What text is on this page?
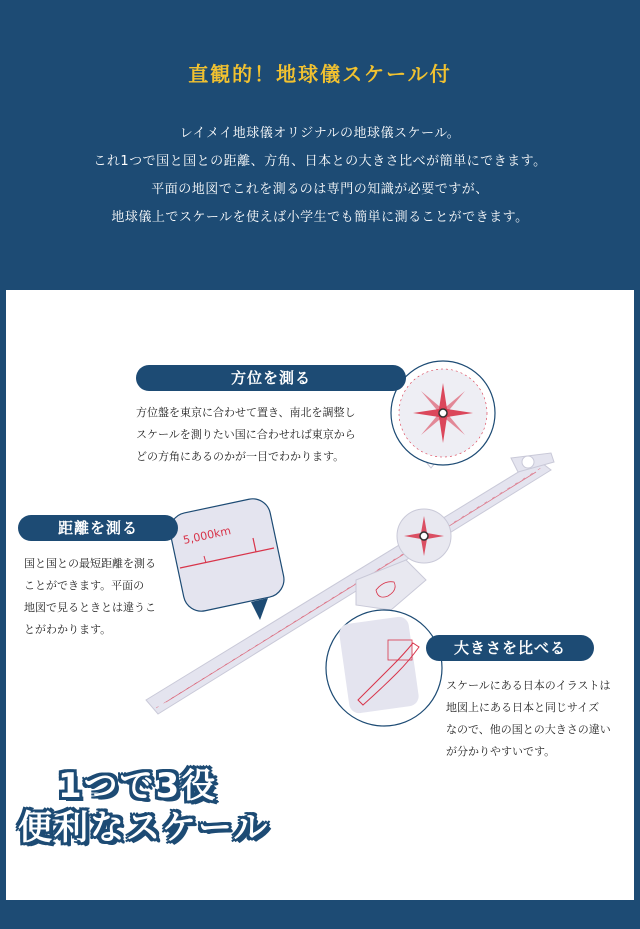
直観的！地球儀スケール付
レイメイ地球儀オリジナルの地球儀スケール。
これ1つで国と国との距離、方角、日本との大きさ比べが簡単にできます。
平面の地図でこれを測るのは専門の知識が必要ですが、
地球儀上でスケールを使えば小学生でも簡単に測ることができます。
5,000km
方位を測る
方位盤を東京に合わせて置き、南北を調整し
スケールを測りたい国に合わせれば東京から
どの方角にあるのかが一目でわかります。
距離を測る
国と国との最短距離を測る
ことができます。平面の
地図で見るときとは違うこ
とがわかります。
大きさを比べる
スケールにある日本のイラストは
地図上にある日本と同じサイズ
なので、他の国との大きさの違い
が分かりやすいです。
1つで3役
便利なスケール
